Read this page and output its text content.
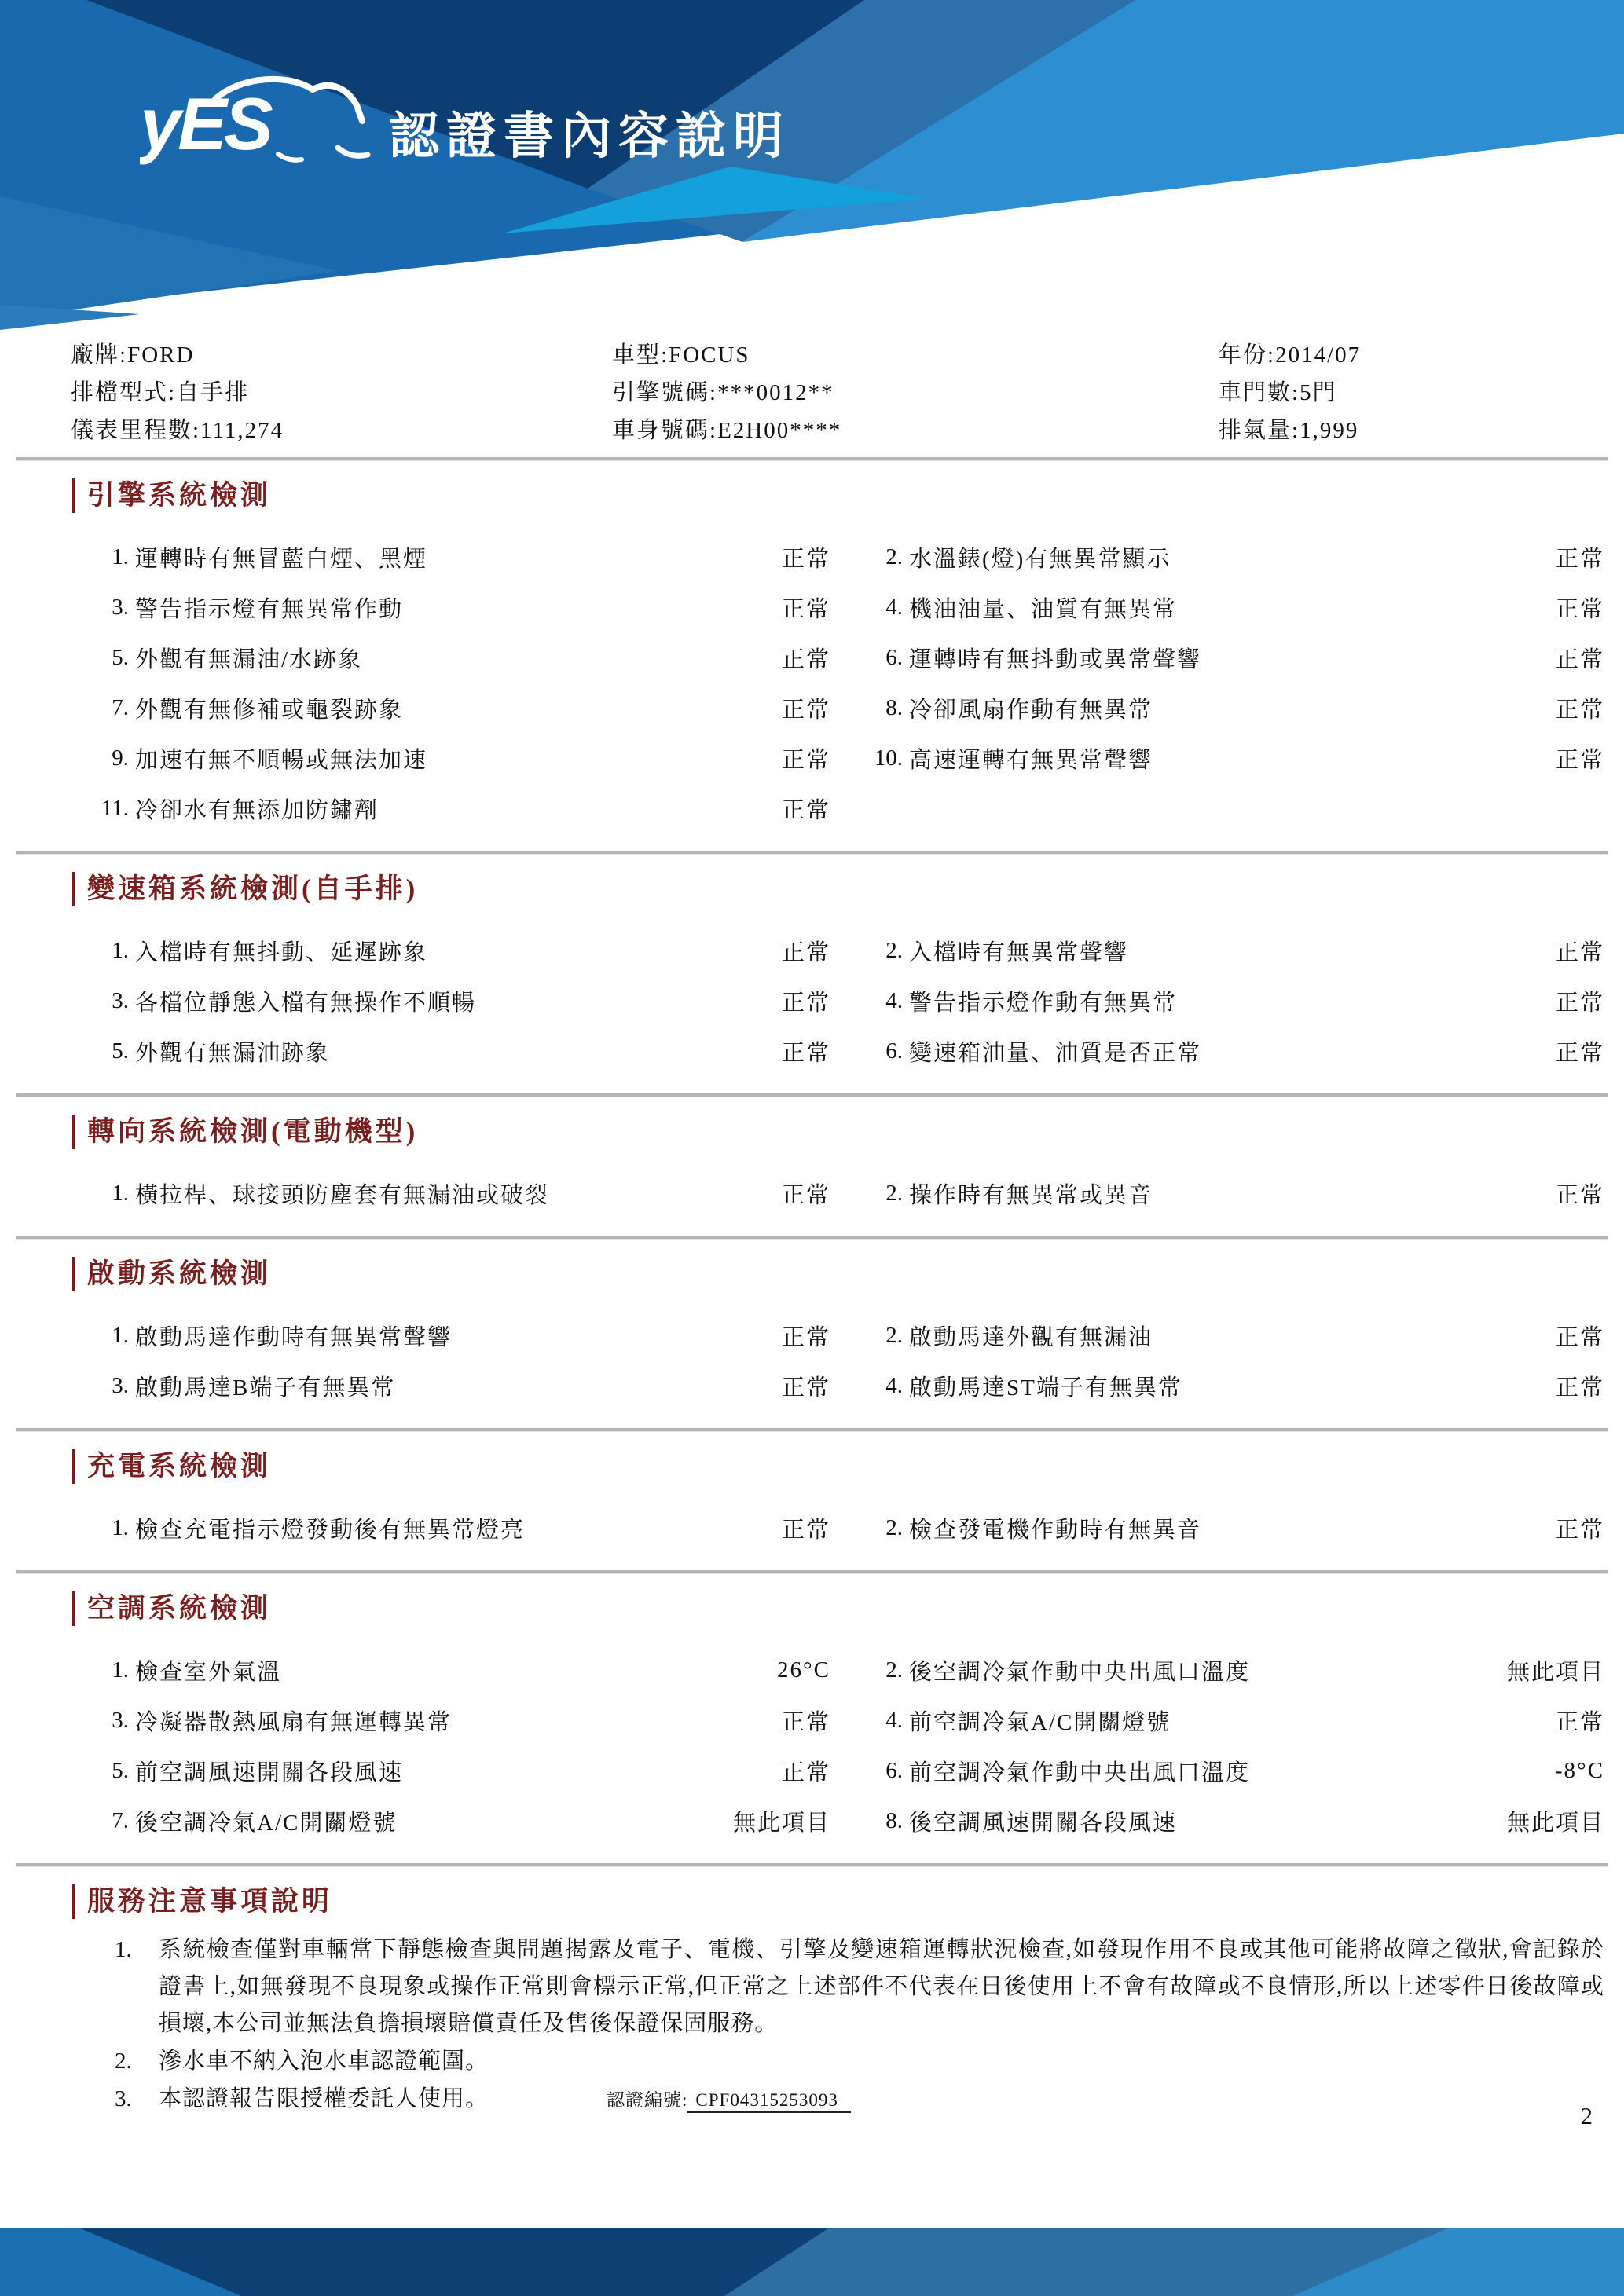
yES 認證書內容說明
廠牌:FORD	車型:FOCUS	年份:2014/07
排檔型式:自手排	引擎號碼:***0012**	車門數:5門
儀表里程數:111,274	車身號碼:E2H00****	排氣量:1,999
引擎系統檢測
1. 運轉時有無冒藍白煙、黑煙	正常	2. 水溫錶(燈)有無異常顯示	正常
3. 警告指示燈有無異常作動	正常	4. 機油油量、油質有無異常	正常
5. 外觀有無漏油/水跡象	正常	6. 運轉時有無抖動或異常聲響	正常
7. 外觀有無修補或龜裂跡象	正常	8. 冷卻風扇作動有無異常	正常
9. 加速有無不順暢或無法加速	正常	10. 高速運轉有無異常聲響	正常
11. 冷卻水有無添加防鏽劑	正常
變速箱系統檢測(自手排)
1. 入檔時有無抖動、延遲跡象	正常	2. 入檔時有無異常聲響	正常
3. 各檔位靜態入檔有無操作不順暢	正常	4. 警告指示燈作動有無異常	正常
5. 外觀有無漏油跡象	正常	6. 變速箱油量、油質是否正常	正常
轉向系統檢測(電動機型)
1. 橫拉桿、球接頭防塵套有無漏油或破裂	正常	2. 操作時有無異常或異音	正常
啟動系統檢測
1. 啟動馬達作動時有無異常聲響	正常	2. 啟動馬達外觀有無漏油	正常
3. 啟動馬達B端子有無異常	正常	4. 啟動馬達ST端子有無異常	正常
充電系統檢測
1. 檢查充電指示燈發動後有無異常燈亮	正常	2. 檢查發電機作動時有無異音	正常
空調系統檢測
1. 檢查室外氣溫	26°C	2. 後空調冷氣作動中央出風口溫度	無此項目
3. 冷凝器散熱風扇有無運轉異常	正常	4. 前空調冷氣A/C開關燈號	正常
5. 前空調風速開關各段風速	正常	6. 前空調冷氣作動中央出風口溫度	-8°C
7. 後空調冷氣A/C開關燈號	無此項目	8. 後空調風速開關各段風速	無此項目
服務注意事項說明
1.	系統檢查僅對車輛當下靜態檢查與問題揭露及電子、電機、引擎及變速箱運轉狀況檢查,如發現作用不良或其他可能將故障之徵狀,會記錄於證書上,如無發現不良現象或操作正常則會標示正常,但正常之上述部件不代表在日後使用上不會有故障或不良情形,所以上述零件日後故障或損壞,本公司並無法負擔損壞賠償責任及售後保證保固服務。
2.	滲水車不納入泡水車認證範圍。
3.	本認證報告限授權委託人使用。	認證編號: CPF04315253093
2
